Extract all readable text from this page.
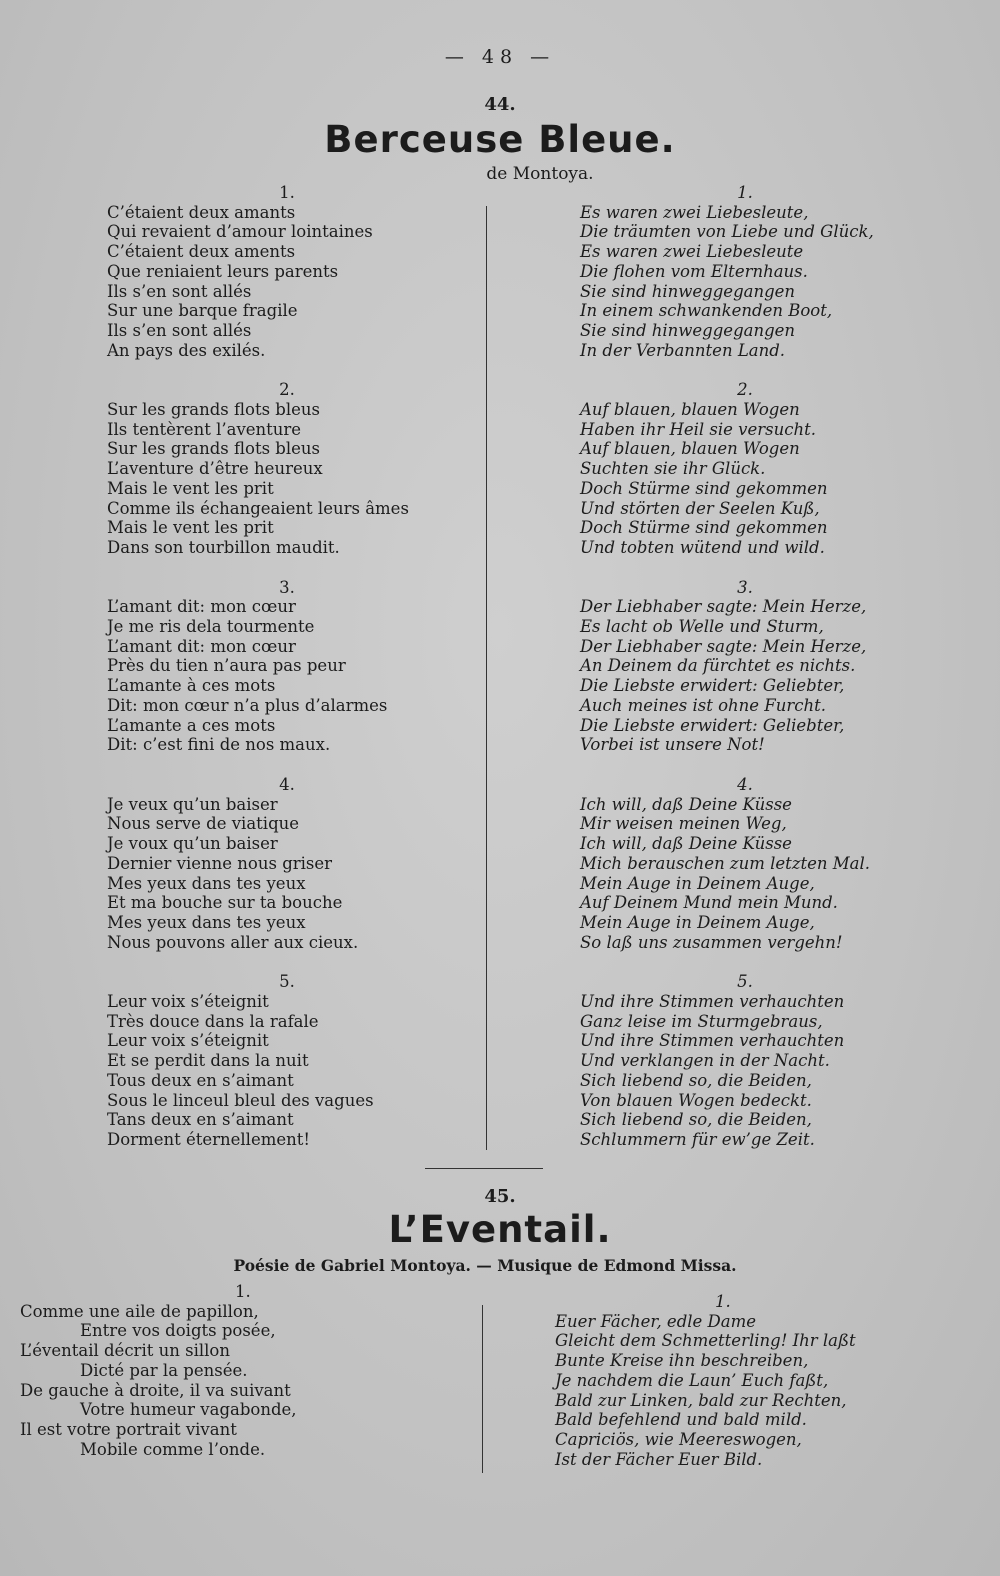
— 48 —
44.
Berceuse Bleue.
de Montoya.
1.
C’étaient deux amants
Qui revaient d’amour lointaines
C’étaient deux aments
Que reniaient leurs parents
Ils s’en sont allés
Sur une barque fragile
Ils s’en sont allés
An pays des exilés.
2.
Sur les grands flots bleus
Ils tentèrent l’aventure
Sur les grands flots bleus
L’aventure d’être heureux
Mais le vent les prit
Comme ils échangeaient leurs âmes
Mais le vent les prit
Dans son tourbillon maudit.
3.
L’amant dit: mon cœur
Je me ris dela tourmente
L’amant dit: mon cœur
Près du tien n’aura pas peur
L’amante à ces mots
Dit: mon cœur n’a plus d’alarmes
L’amante a ces mots
Dit: c’est fini de nos maux.
4.
Je veux qu’un baiser
Nous serve de viatique
Je voux qu’un baiser
Dernier vienne nous griser
Mes yeux dans tes yeux
Et ma bouche sur ta bouche
Mes yeux dans tes yeux
Nous pouvons aller aux cieux.
5.
Leur voix s’éteignit
Très douce dans la rafale
Leur voix s’éteignit
Et se perdit dans la nuit
Tous deux en s’aimant
Sous le linceul bleul des vagues
Tans deux en s’aimant
Dorment éternellement!
1.
Es waren zwei Liebesleute,
Die träumten von Liebe und Glück,
Es waren zwei Liebesleute
Die flohen vom Elternhaus.
Sie sind hinweggegangen
In einem schwankenden Boot,
Sie sind hinweggegangen
In der Verbannten Land.
2.
Auf blauen, blauen Wogen
Haben ihr Heil sie versucht.
Auf blauen, blauen Wogen
Suchten sie ihr Glück.
Doch Stürme sind gekommen
Und störten der Seelen Kuß,
Doch Stürme sind gekommen
Und tobten wütend und wild.
3.
Der Liebhaber sagte: Mein Herze,
Es lacht ob Welle und Sturm,
Der Liebhaber sagte: Mein Herze,
An Deinem da fürchtet es nichts.
Die Liebste erwidert: Geliebter,
Auch meines ist ohne Furcht.
Die Liebste erwidert: Geliebter,
Vorbei ist unsere Not!
4.
Ich will, daß Deine Küsse
Mir weisen meinen Weg,
Ich will, daß Deine Küsse
Mich berauschen zum letzten Mal.
Mein Auge in Deinem Auge,
Auf Deinem Mund mein Mund.
Mein Auge in Deinem Auge,
So laß uns zusammen vergehn!
5.
Und ihre Stimmen verhauchten
Ganz leise im Sturmgebraus,
Und ihre Stimmen verhauchten
Und verklangen in der Nacht.
Sich liebend so, die Beiden,
Von blauen Wogen bedeckt.
Sich liebend so, die Beiden,
Schlummern für ew’ge Zeit.
45.
L’Eventail.
Poésie de Gabriel Montoya. — Musique de Edmond Missa.
1.
Comme une aile de papillon,
Entre vos doigts posée,
L’éventail décrit un sillon
Dicté par la pensée.
De gauche à droite, il va suivant
Votre humeur vagabonde,
Il est votre portrait vivant
Mobile comme l’onde.
1.
Euer Fächer, edle Dame
Gleicht dem Schmetterling! Ihr laßt
Bunte Kreise ihn beschreiben,
Je nachdem die Laun’ Euch faßt,
Bald zur Linken, bald zur Rechten,
Bald befehlend und bald mild.
Capriciös, wie Meereswogen,
Ist der Fächer Euer Bild.
